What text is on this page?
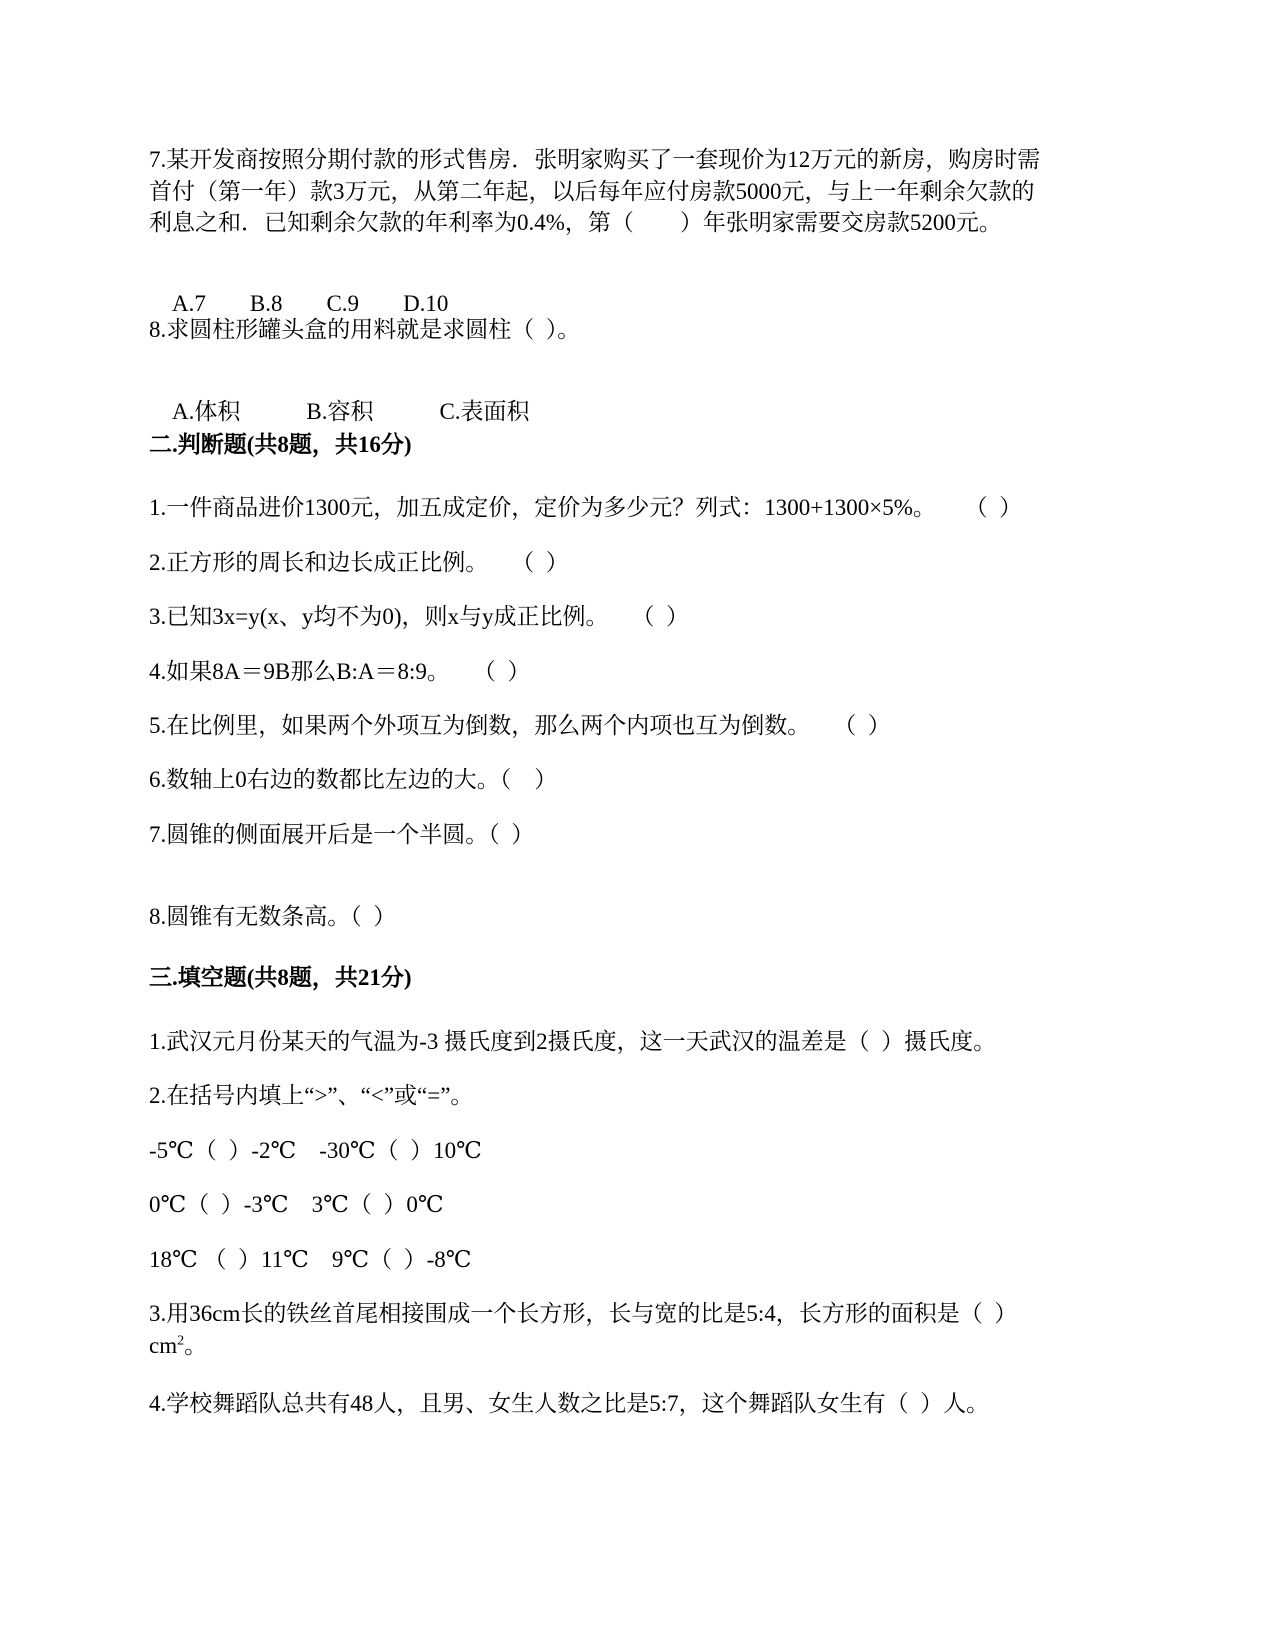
7.某开发商按照分期付款的形式售房．张明家购买了一套现价为12万元的新房，购房时需
首付（第一年）款3万元，从第二年起，以后每年应付房款5000元，与上一年剩余欠款的
利息之和．已知剩余欠款的年利率为0.4%，第（　　）年张明家需要交房款5200元。

A.7 B.8 C.9 D.10

8.求圆柱形罐头盒的用料就是求圆柱（  ）。

A.体积	B.容积	C.表面积

二.判断题(共8题，共16分)
1.一件商品进价1300元，加五成定价，定价为多少元？列式：1300+1300×5%。     （  ）
2.正方形的周长和边长成正比例。    （  ）
3.已知3x=y(x、y均不为0)，则x与y成正比例。    （  ）
4.如果8A＝9B那么B:A＝8:9。    （  ）
5.在比例里，如果两个外项互为倒数，那么两个内项也互为倒数。    （  ）
6.数轴上0右边的数都比左边的大。（    ）
7.圆锥的侧面展开后是一个半圆。（  ）
8.圆锥有无数条高。（  ）
三.填空题(共8题，共21分)
1.武汉元月份某天的气温为-3 摄氏度到2摄氏度，这一天武汉的温差是（  ）摄氏度。
2.在括号内填上“>”、“<”或“=”。
-5℃（  ）-2℃    -30℃（  ）10℃
0℃（  ）-3℃    3℃（  ）0℃
18℃ （  ）11℃    9℃（  ）-8℃
3.用36cm长的铁丝首尾相接围成一个长方形，长与宽的比是5:4，长方形的面积是（  ）
$cm^2$。
4.学校舞蹈队总共有48人，且男、女生人数之比是5:7，这个舞蹈队女生有（  ）人。
